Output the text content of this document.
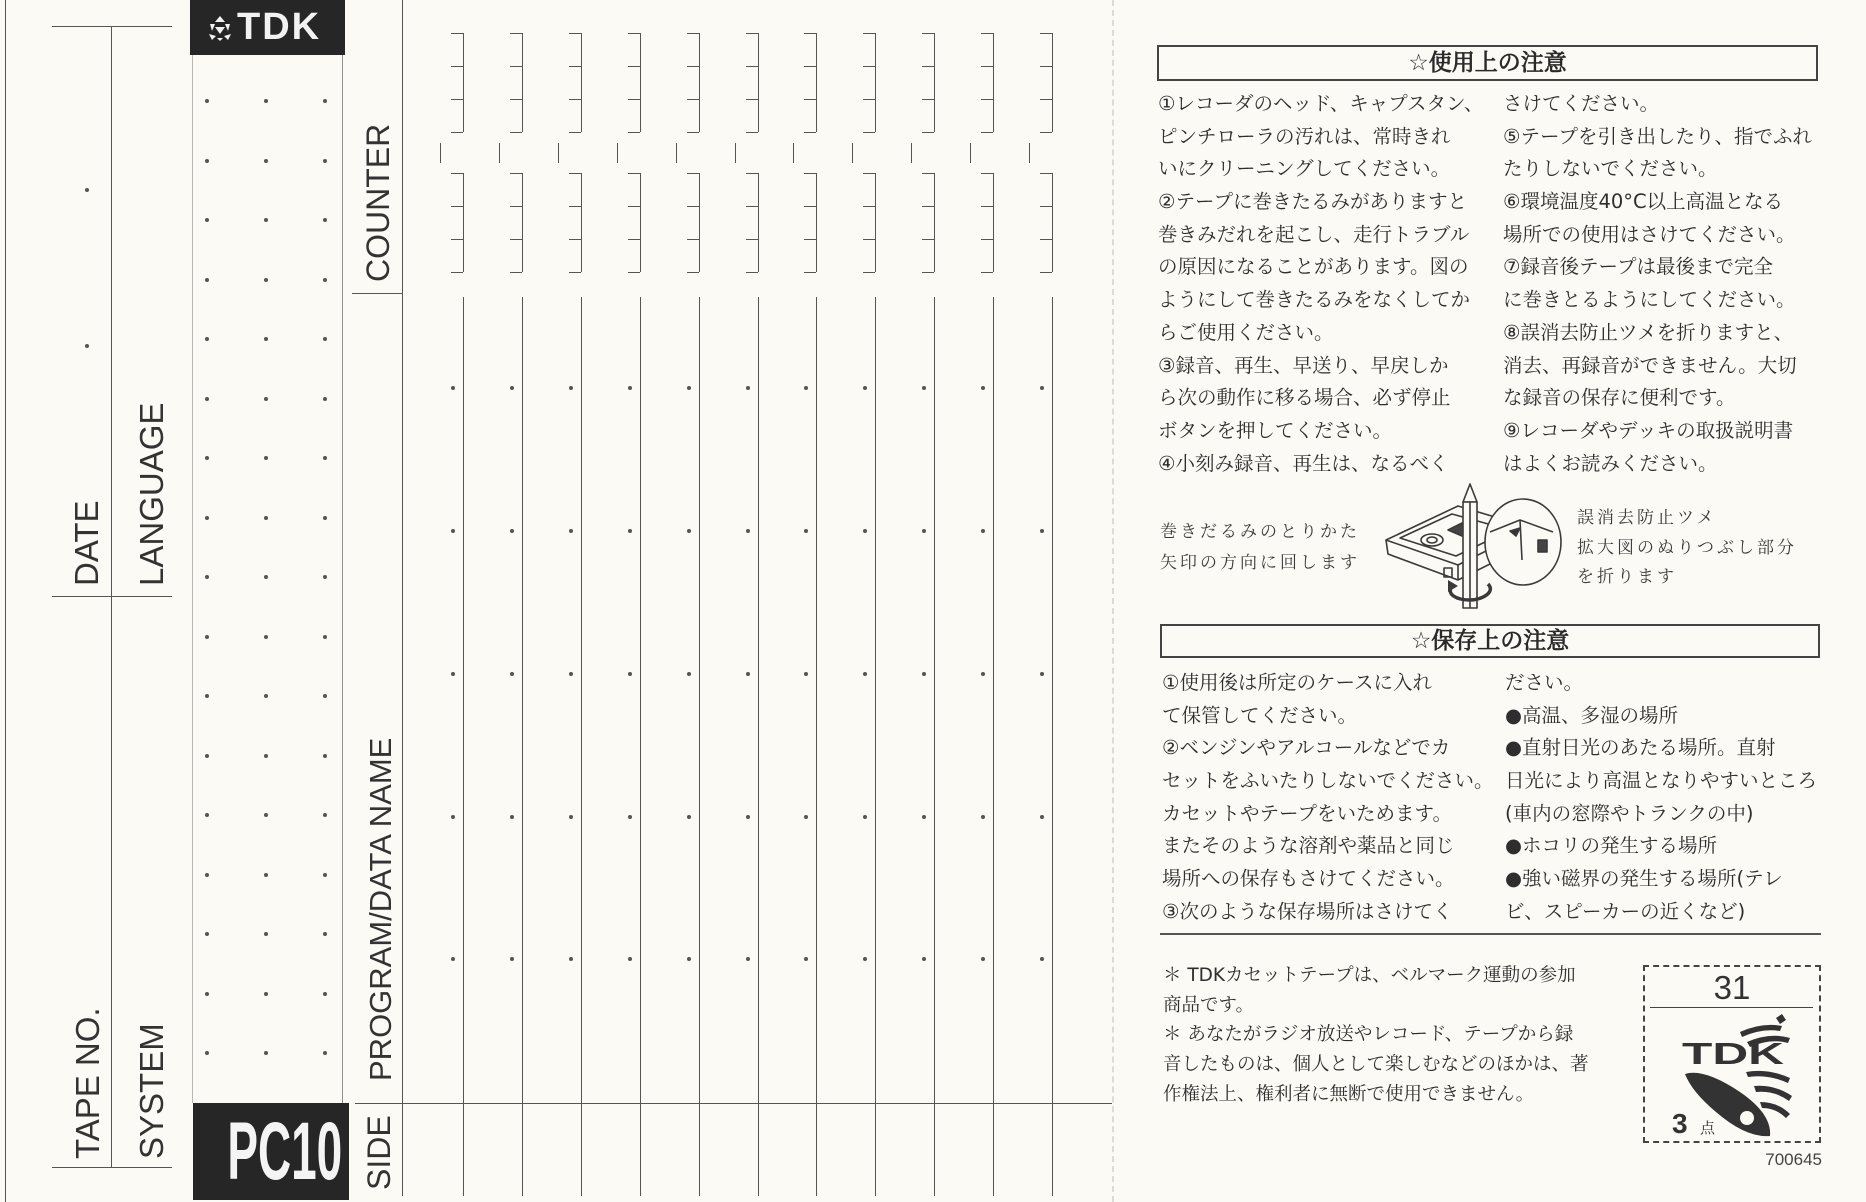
DATE LANGUAGE
TAPE NO. SYSTEM
TDK
PC10
COUNTER
PROGRAM/DATA NAME
SIDE
☆使用上の注意
①レコーダのヘッド、キャプスタン、
ピンチローラの汚れは、常時きれ
いにクリーニングしてください。
②テープに巻きたるみがありますと
巻きみだれを起こし、走行トラブル
の原因になることがあります。図の
ようにして巻きたるみをなくしてか
らご使用ください。
③録音、再生、早送り、早戻しか
ら次の動作に移る場合、必ず停止
ボタンを押してください。
④小刻み録音、再生は、なるべく
さけてください。
⑤テープを引き出したり、指でふれ
たりしないでください。
⑥環境温度40°C以上高温となる
場所での使用はさけてください。
⑦録音後テープは最後まで完全
に巻きとるようにしてください。
⑧誤消去防止ツメを折りますと、
消去、再録音ができません。大切
な録音の保存に便利です。
⑨レコーダやデッキの取扱説明書
はよくお読みください。
巻きだるみのとりかた
矢印の方向に回します
誤消去防止ツメ
拡大図のぬりつぶし部分
を折ります
☆保存上の注意
①使用後は所定のケースに入れ
て保管してください。
②ベンジンやアルコールなどでカ
セットをふいたりしないでください。
カセットやテープをいためます。
またそのような溶剤や薬品と同じ
場所への保存もさけてください。
③次のような保存場所はさけてく
ださい。
●高温、多湿の場所
●直射日光のあたる場所。直射
日光により高温となりやすいところ
(車内の窓際やトランクの中)
●ホコリの発生する場所
●強い磁界の発生する場所(テレ
ビ、スピーカーの近くなど)
＊ TDKカセットテープは、ベルマーク運動の参加
商品です。
＊ あなたがラジオ放送やレコード、テープから録
音したものは、個人として楽しむなどのほかは、著
作権法上、権利者に無断で使用できません。
31
TDK
3 点
700645
